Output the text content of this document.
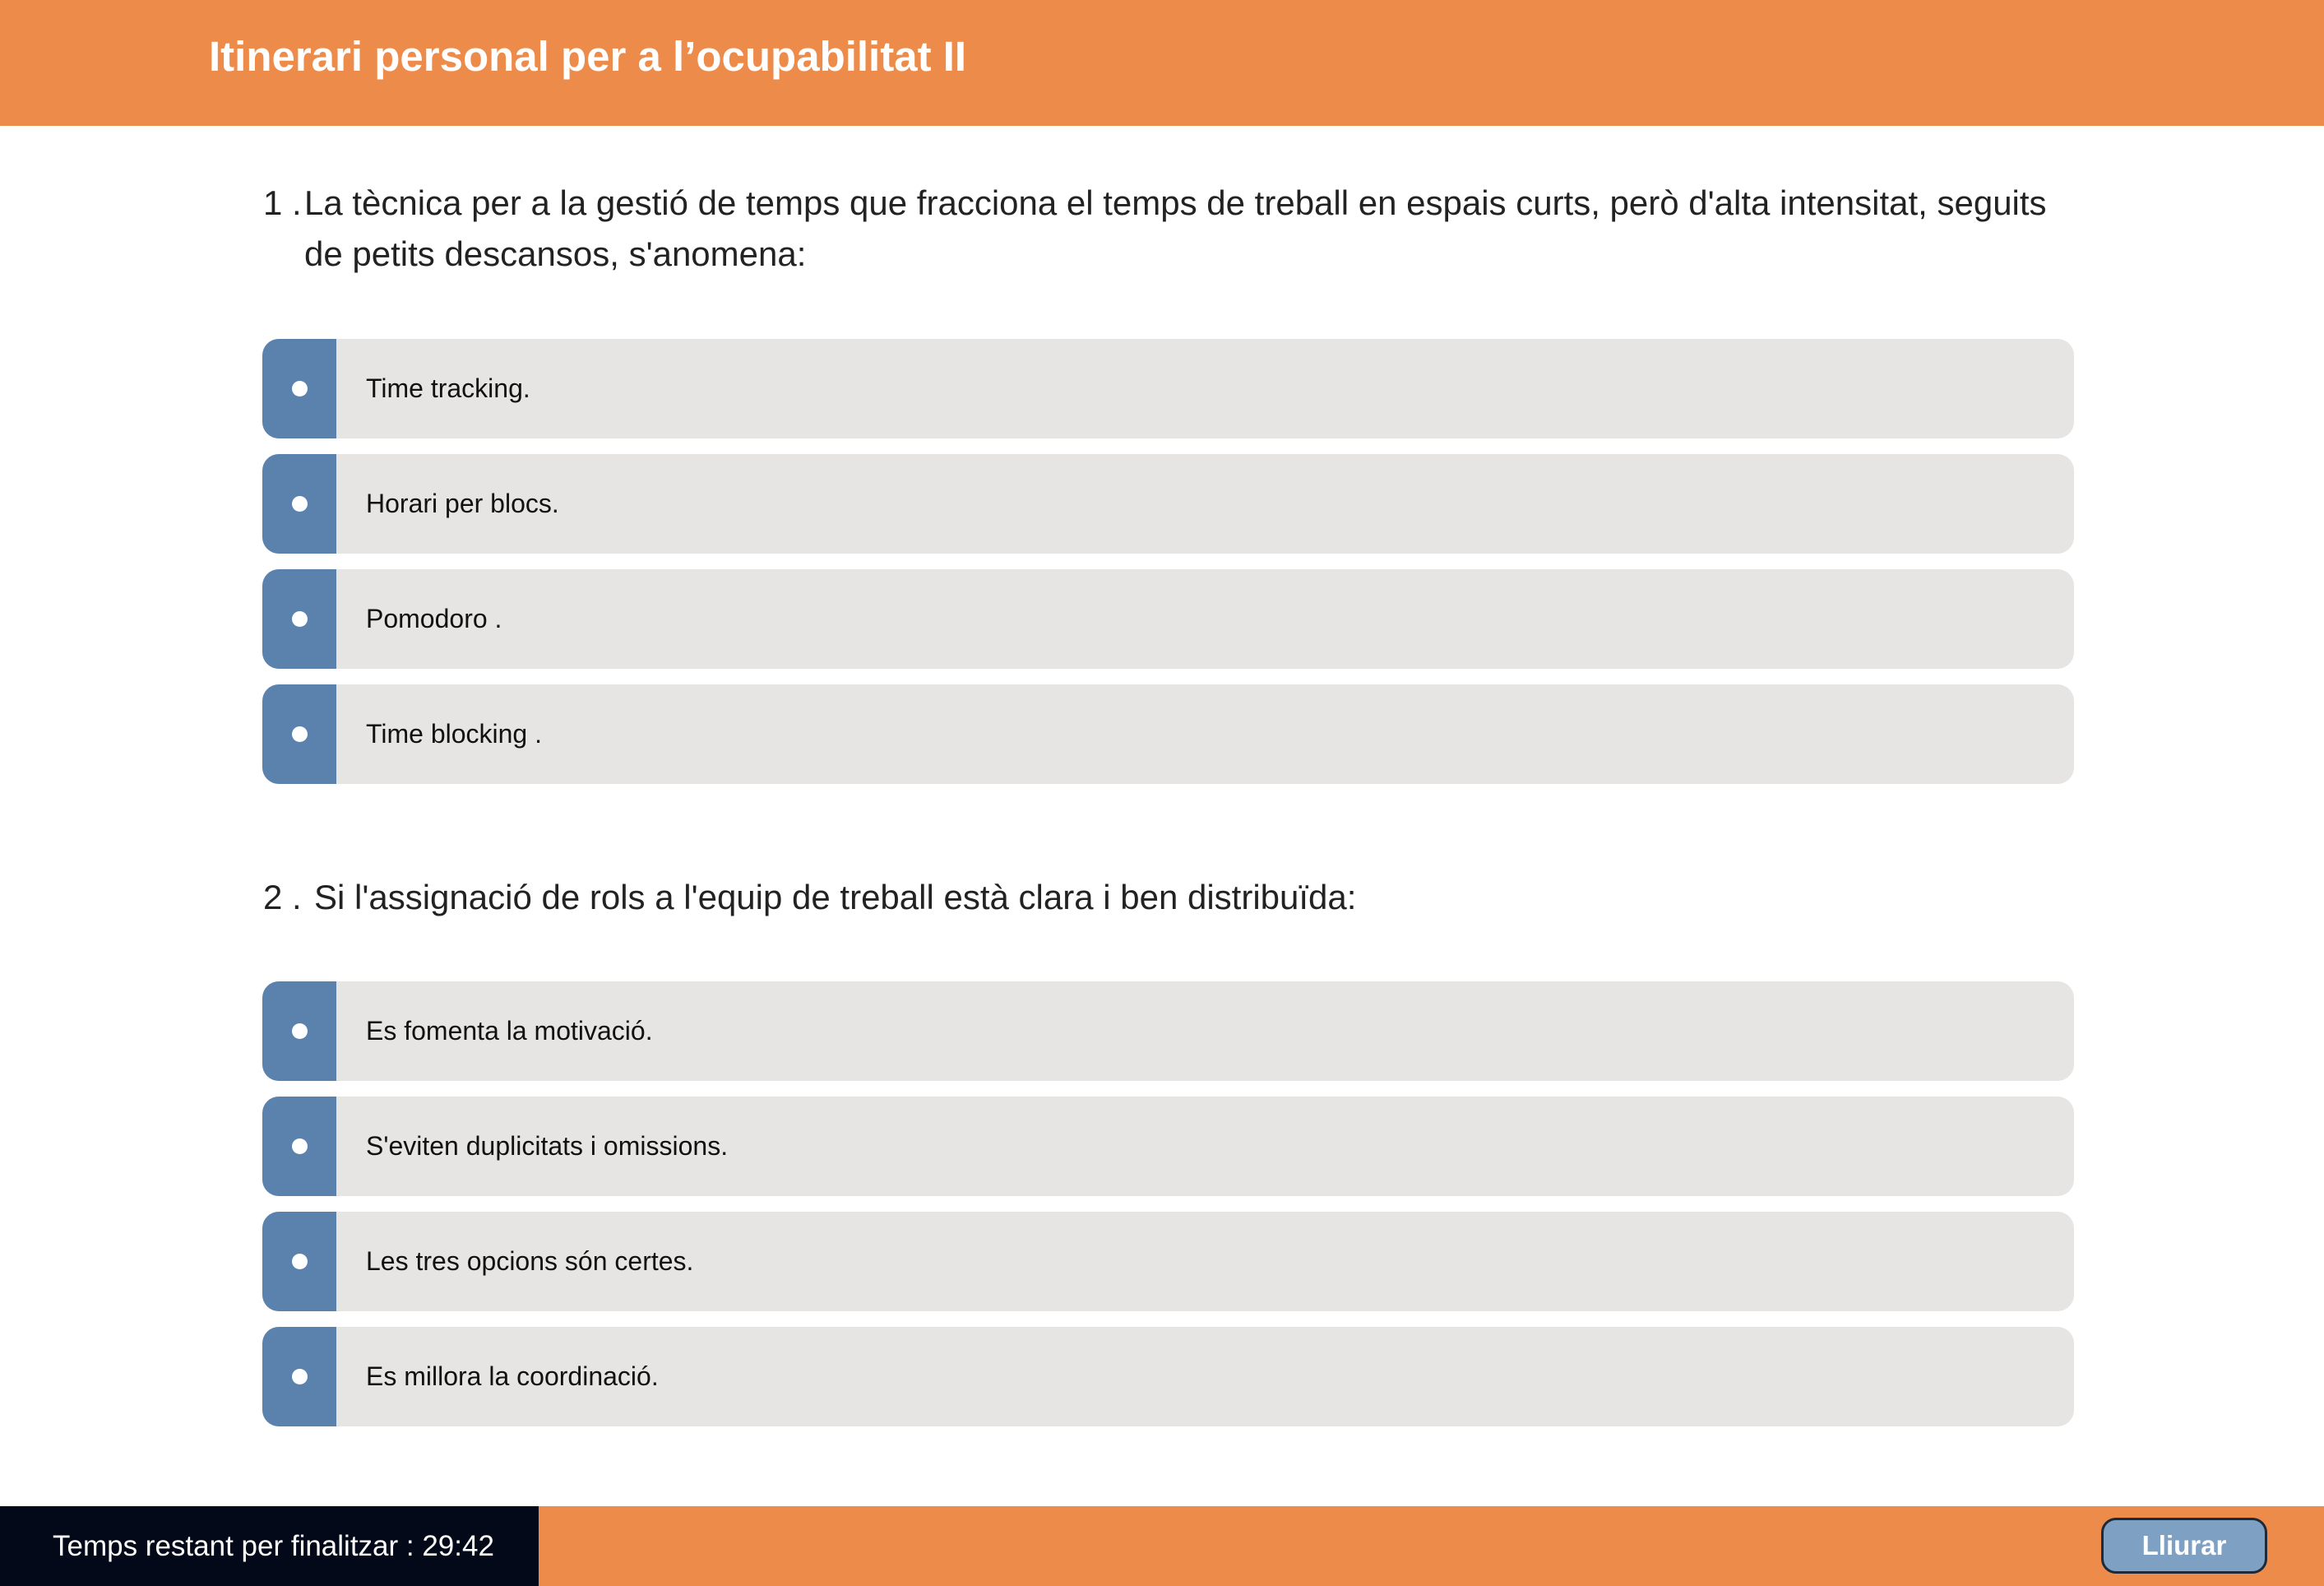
Itinerari personal per a l’ocupabilitat II
1 . La tècnica per a la gestió de temps que fracciona el temps de treball en espais curts, però d'alta intensitat, seguits de petits descansos, s'anomena:
Time tracking.
Horari per blocs.
Pomodoro .
Time blocking .
2 . Si l'assignació de rols a l'equip de treball està clara i ben distribuïda:
Es fomenta la motivació.
S'eviten duplicitats i omissions.
Les tres opcions són certes.
Es millora la coordinació.
Temps restant per finalitzar : 29:42	Lliurar
